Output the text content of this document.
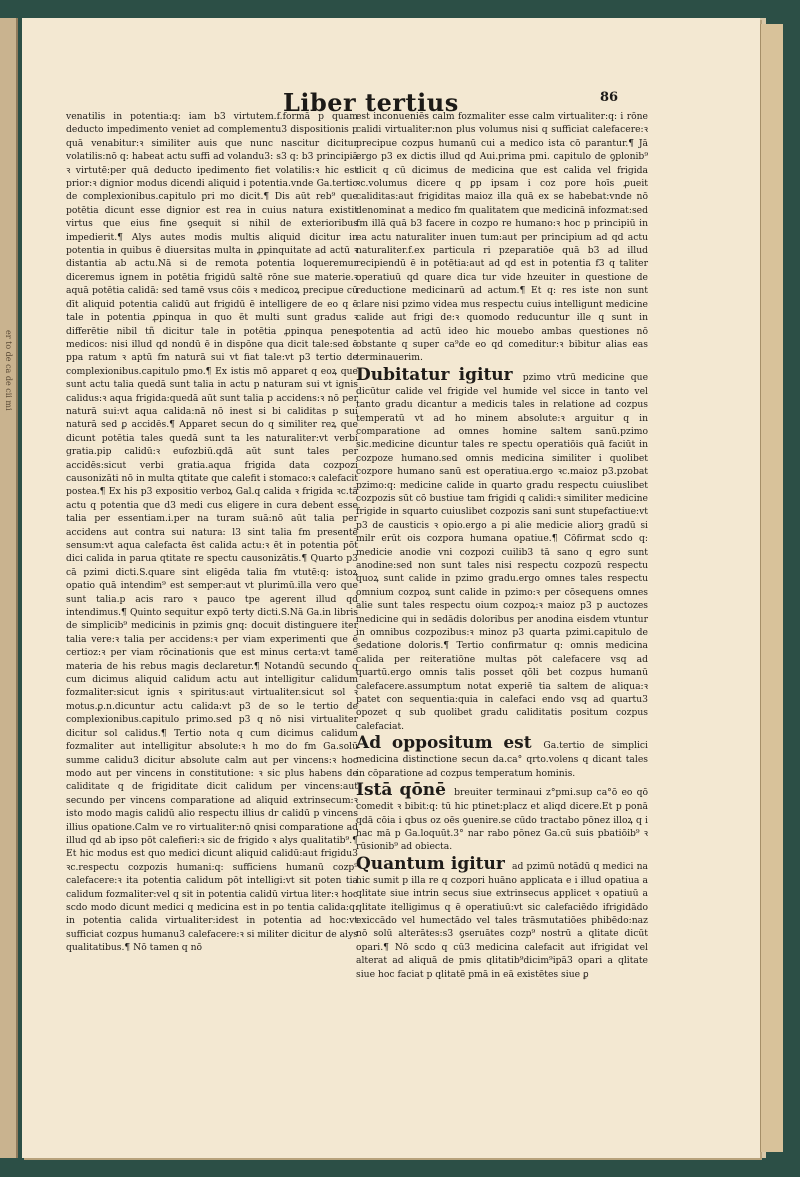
er to de ca de cii mi
Liber tertius	86

venatilis in potentia:q: iam b3 virtutem.f.formā p quam deducto impedimento veniet ad complementu3 dispositionis p quā venabitur:ꝛ similiter auis que nunc nascitur dicitur volatilis:nō q: habeat actu suffi ad volandu3: s3 q: b3 principiā ꝛ virtutē:per quā deducto ipedimento fiet volatilis:ꝛ hic est prior:ꝛ dignior modus dicendi aliquid i potentia.vnde Ga.tertio de complexionibus.capitulo pri mo dicit.¶ Dis aūt reb⁹ que potētia dicunt esse dignior est rea in cuius natura existit virtus que eius fine ꝯsequit si nihil de exterioribus impedierit.¶ Alys autes modis multis aliquid dicitur in potentia in quibus ē diuersitas multa in ꝓpinquitate ad actū ꝛ distantia ab actu.Nā si de remota potentia loqueremur diceremus ignem in potētia frigidū saltē rōne sue materie.ꝛ aquā potētia calidā: sed tamē vsus cōis ꝛ medicoꝝ precipue cū dīt aliquid potentia calidū aut frigidū ē intelligere de eo q ē tale in potentia ꝓpinqua in quo ēt multi sunt gradus ꝛ differētie nibil tñ dicitur tale in potētia ꝓpinqua penes medicos: nisi illud qd nondū ē in dispōne qua dicit tale:sed ē ppa ratum ꝛ aptū fm naturā sui vt fiat tale:vt p3 tertio de complexionibus.capitulo pmo.¶ Ex istis mō apparet q eoꝝ que sunt actu talia quedā sunt talia in actu p naturam sui vt ignis calidus:ꝛ aqua frigida:quedā aūt sunt talia p accidens:ꝛ nō per naturā sui:vt aqua calida:nā nō inest si bi caliditas p sui naturā sed ꝑ accidēs.¶ Apparet secun do q similiter reꝝ que dicunt potētia tales quedā sunt ta les naturaliter:vt verbi gratia.pip calidū:ꝛ eufozbiū.qdā aūt sunt tales per accidēs:sicut verbi gratia.aqua frigida data cozpozi causonizāti nō in multa qtitate que calefit i stomaco:ꝛ calefacit postea.¶ Ex his p3 expositio verboꝝ Gal.q calida ꝛ frigida ꝛc.tā actu q potentia que d3 medi cus eligere in cura debent esse talia per essentiam.i.per na turam suā:nō aūt talia per accidens aut contra sui natura: l3 sint talia fm presentē sensum:vt aqua calefacta ēst calida actu:ꝛ ēt in potentia pōt dici calida in parua qtitate re spectu causonizātis.¶ Quarto p3 cā pzimi dicti.S.quare sint eligēda talia fm vtutē:q: istoꝝ opatio quā intendim⁹ est semper:aut vt plurimū.illa vero que sunt talia.p acis raro ꝛ pauco tpe agerent illud qd intendimus.¶ Quinto sequitur expō terty dicti.S.Nā Ga.in libris de simplicib⁹ medicinis in pzimis gnq: docuit distinguere iter talia vere:ꝛ talia per accidens:ꝛ per viam experimenti que ē certioz:ꝛ per viam rōcinationis que est minus certa:vt tamē materia de his rebus magis declaretur.¶ Notandū secundo q cum dicimus aliquid calidum actu aut intelligitur calidum fozmaliter:sicut ignis ꝛ spiritus:aut virtualiter.sicut sol ꝛ motus.ꝑ.n.dicuntur actu calida:vt p3 de so le tertio de complexionibus.capitulo primo.sed p3 q nō nisi virtualiter dicitur sol calidus.¶ Tertio nota q cum dicimus calidum fozmaliter aut intelligitur absolute:ꝛ h mo do fm Ga.solū summe calidu3 dicitur absolute calm aut per vincens:ꝛ hoc modo aut per vincens in constitutione: ꝛ sic plus habens de caliditate q de frigiditate dicit calidum per vincens:aut secundo per vincens comparatione ad aliquid extrinsecum:ꝛ isto modo magis calidū alio respectu illius dr calidū p vincens illius opatione.Calm ve ro virtualiter:nō qnisi comparatione ad illud qd ab ipso pōt calefieri:ꝛ sic de frigido ꝛ alys qualitatib⁹.¶ Et hic modus est quo medici dicunt aliquid calidū:aut frigidu3 ꝛc.respectu cozpozis humani:q: sufficiens humanū cozp⁹ calefacere:ꝛ ita potentia calidum pōt intelligi:vt sit poten tia calidum fozmaliter:vel q sit in potentia calidū virtua liter:ꝛ hoc scdo modo dicunt medici q medicina est in po tentia calida:q: in potentia calida virtualiter:idest in potentia ad hoc:vt sufficiat cozpus humanu3 calefacere:ꝛ si militer dicitur de alys qualitatibus.¶ Nō tamen q nō

est inconueniēs calm fozmaliter esse calm virtualiter:q: i rōne calidi virtualiter:non plus volumus nisi q sufficiat calefacere:ꝛ precipue cozpus humanū cui a medico ista cō parantur.¶ Jā ergo p3 ex dictis illud qd Aui.prima pmi. capitulo de ꝯplonib⁹ dicit q cū dicimus de medicina que est calida vel frigida ꝛc.volumus dicere q ꝑp ipsam i coz pore hoīs ꝓueit caliditas:aut frigiditas maioz illa quā ex se habebat:vnde nō denominat a medico fm qualitatem que medicinā infozmat:sed fm illā quā b3 facere in cozpo re humano:ꝛ hoc p principiū in ea actu naturaliter inuen tum:aut per principium ad qd actu naturaliter.f.ex particula ri pzeparatiōe quā b3 ad illud recipiendū ē in potētia:aut ad qd est in potentia f3 q taliter operatiuū qd quare dica tur vide hzeuiter in questione de reductione medicinarū ad actum.¶ Et q: res iste non sunt clare nisi pzimo videa mus respectu cuius intelligunt medicine calide aut frigi de:ꝛ quomodo reducuntur ille q sunt in potentia ad actū ideo hic mouebo ambas questiones nō obstante q super ca⁹de eo qd comeditur:ꝛ bibitur alias eas terminauerim.

Dubitatur igitur pzimo vtrū medicine que dicūtur calide vel frigide vel humide vel sicce in tanto vel tanto gradu dicantur a medicis tales in relatione ad cozpus temperatū vt ad ho minem absolute:ꝛ arguitur q in comparatione ad omnes homine saltem sanū.pzimo sic.medicine dicuntur tales re spectu operatiōis quā faciūt in cozpoze humano.sed omnis medicina similiter i quolibet cozpore humano sanū est operatiua.ergo ꝛc.maioz p3.pzobat pzimo:q: medicine calide in quarto gradu respectu cuiuslibet cozpozis sūt cō bustiue tam frigidi q calidi:ꝛ similiter medicine frigide in squarto cuiuslibet cozpozis sani sunt stupefactiue:vt p3 de causticis ꝛ opio.ergo a pi alie medicie aliorꝫ gradū si milr erūt ois cozpora humana opatiue.¶ Cōfirmat scdo q: medicie anodie vni cozpozi cuilib3 tā sano q egro sunt anodine:sed non sunt tales nisi respectu cozpozū respectu quoꝝ sunt calide in pzimo gradu.ergo omnes tales respectu omnium cozpoꝝ sunt calide in pzimo:ꝛ per cōsequens omnes alie sunt tales respectu oium cozpoꝝ:ꝛ maioz p3 p auctozes medicine qui in sedādis doloribus per anodina eisdem vtuntur in omnibus cozpozibus:ꝛ minoz p3 quarta pzimi.capitulo de sedatione doloris.¶ Tertio confirmatur q: omnis medicina calida per reiteratiōne multas pōt calefacere vsq ad quartū.ergo omnis talis posset qōli bet cozpus humanū calefacere.assumptum notat experiē tia saltem de aliqua:ꝛ patet con sequentia:quia in calefaci endo vsq ad quartu3 opozet q sub quolibet gradu caliditatis positum cozpus calefaciat.

Ad oppositum est Ga.tertio de simplici medicina distinctione secun da.ca° qrto.volens q dicant tales in cōparatione ad cozpus temperatum hominis.

Istā qōnē breuiter terminaui z°pmi.sup ca°ō eo qō comedit ꝛ bibit:q: tū hic ptinet:placz et aliqd dicere.Et p ponā qdā cōia i qbus oz oēs ꝯuenire.se cūdo tractabo pōnez illoꝝ q i hac mā p Ga.loquūt.3° nar rabo pōnez Ga.cū suis pbatiōib⁹ ꝛ rūsionib⁹ ad obiecta.

Quantum igitur ad pzimū notādū q medici na hic sumit p illa re q cozpori huāno applicata e i illud opatiua a qlitate siue intrin secus siue extrinsecus applicet ꝛ opatiuū a qlitate itelligimus q ē operatiuū:vt sic calefaciēdo ifrigidādo exiccādo vel humectādo vel tales trāsmutatiōes phibēdo:naz nō solū alterātes:s3 ꝯseruātes cozp⁹ nostrū a qlitate dicūt opari.¶ Nō scdo q cū3 medicina calefacit aut ifrigidat vel alterat ad aliquā de pmis qlitatib⁹dicim⁹ipā3 opari a qlitate siue hoc faciat p qlitatē pmā in eā existētes siue ꝑ
